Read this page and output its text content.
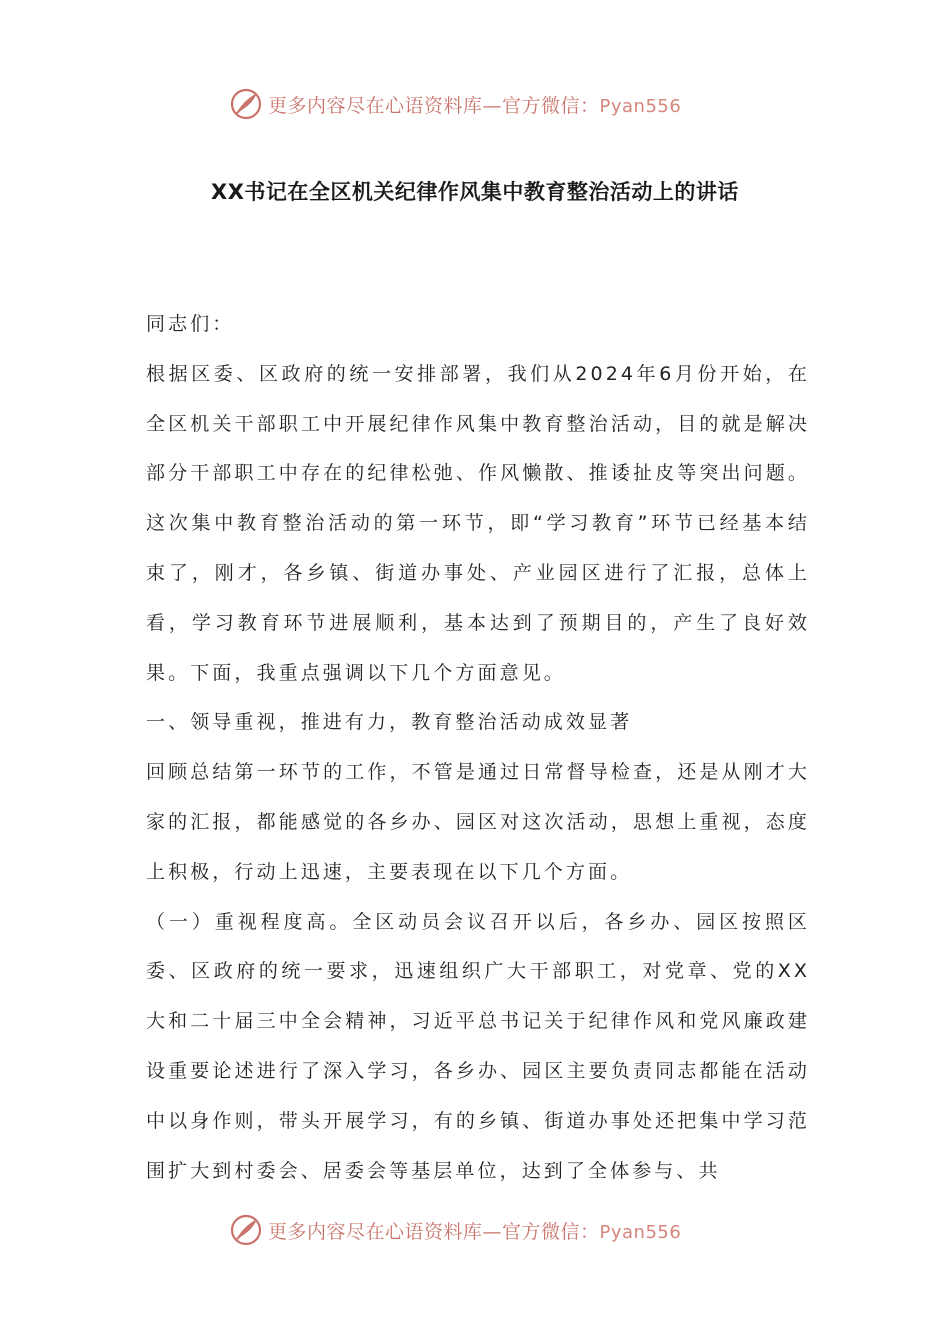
更多内容尽在心语资料库—官方微信：Pyan556
XX书记在全区机关纪律作风集中教育整治活动上的讲话

同志们：

根据区委、区政府的统一安排部署，我们从2024年6月份开始，在全区机关干部职工中开展纪律作风集中教育整治活动，目的就是解决部分干部职工中存在的纪律松弛、作风懒散、推诿扯皮等突出问题。这次集中教育整治活动的第一环节，即“学习教育”环节已经基本结束了，刚才，各乡镇、街道办事处、产业园区进行了汇报，总体上看，学习教育环节进展顺利，基本达到了预期目的，产生了良好效果。下面，我重点强调以下几个方面意见。

一、领导重视，推进有力，教育整治活动成效显著

回顾总结第一环节的工作，不管是通过日常督导检查，还是从刚才大家的汇报，都能感觉的各乡办、园区对这次活动，思想上重视，态度上积极，行动上迅速，主要表现在以下几个方面。

（一）重视程度高。全区动员会议召开以后，各乡办、园区按照区委、区政府的统一要求，迅速组织广大干部职工，对党章、党的XX大和二十届三中全会精神，习近平总书记关于纪律作风和党风廉政建设重要论述进行了深入学习，各乡办、园区主要负责同志都能在活动中以身作则，带头开展学习，有的乡镇、街道办事处还把集中学习范围扩大到村委会、居委会等基层单位，达到了全体参与、共

更多内容尽在心语资料库—官方微信：Pyan556
